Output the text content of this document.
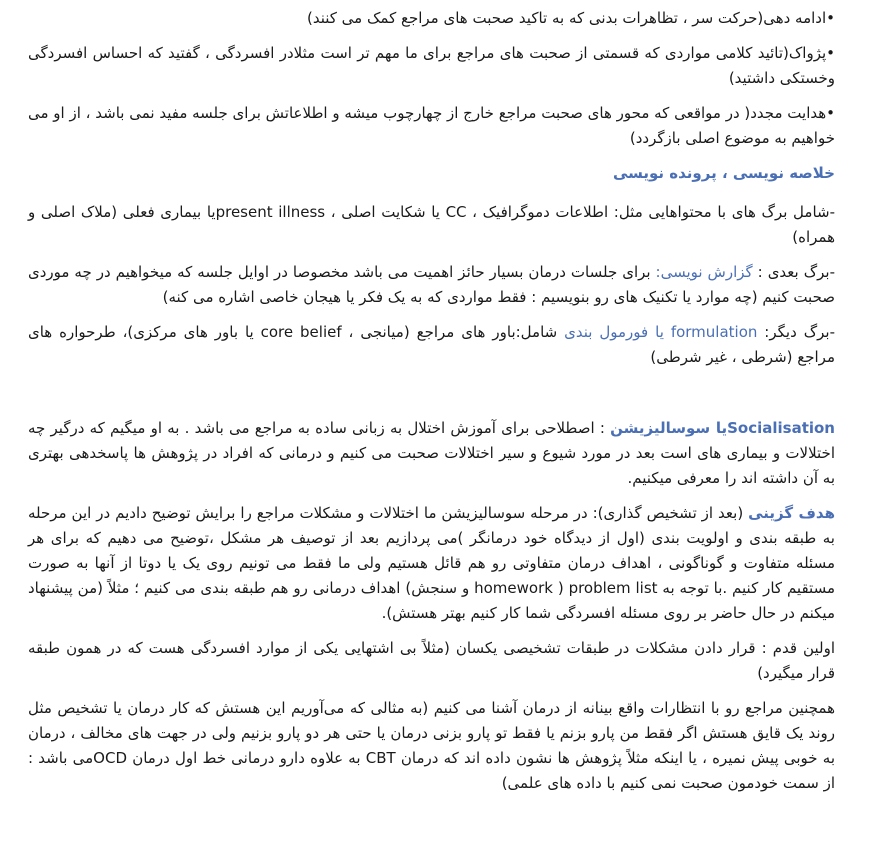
•ادامه دهی(حرکت سر ، تظاهرات بدنی که به تاکید صحبت های مراجع کمک می کنند)

•پژواک(تائید کلامی مواردی که قسمتی از صحبت های مراجع برای ما مهم تر است مثلادر افسردگی ، گفتید که احساس افسردگی وخستکی داشتید)

•هدایت مجدد( در مواقعی که محور های صحبت مراجع خارج از چهارچوب میشه و اطلاعاتش برای جلسه مفید نمی باشد ، از او می خواهیم به موضوع اصلی بازگردد)

خلاصه نویسی ، پرونده نویسی

-شامل برگ های با محتواهایی مثل: اطلاعات دموگرافیک ، CC یا شکایت اصلی ، present illnessیا بیماری فعلی (ملاک اصلی و همراه)

-برگ بعدی : گزارش نویسی: برای جلسات درمان بسیار حائز اهمیت می باشد مخصوصا در اوایل جلسه که میخواهیم در چه موردی صحبت کنیم (چه موارد یا تکنیک های رو بنویسیم : فقط مواردی که به یک فکر یا هیجان خاصی اشاره می کنه)

-برگ دیگر: formulation یا فورمول بندی شامل:باور های مراجع (میانجی ، core belief یا باور های مرکزی)، طرحواره های مراجع (شرطی ، غیر شرطی)

Socialisationیا سوسالیزیشن : اصطلاحی برای آموزش اختلال به زبانی ساده به مراجع می باشد . به او میگیم که درگیر چه اختلالات و بیماری های است بعد در مورد شیوع و سیر اختلالات صحبت می کنیم و درمانی که افراد در پژوهش ها پاسخدهی بهتری به آن داشته اند را معرفی میکنیم.

هدف گزینی (بعد از تشخیص گذاری): در مرحله سوسالیزیشن ما اختلالات و مشکلات مراجع را برایش توضیح دادیم در این مرحله به طبقه بندی و اولویت بندی (اول از دیدگاه خود درمانگر )می پردازیم بعد از توصیف هر مشکل ،توضیح می دهیم که برای هر مسئله متفاوت و گوناگونی ، اهداف درمان متفاوتی رو هم قائل هستیم ولی ما فقط می تونیم روی یک یا دوتا از آنها به صورت مستقیم کار کنیم .با توجه به problem list ( homework و سنجش) اهداف درمانی رو هم طبقه بندی می کنیم ؛ مثلاً (من پیشنهاد میکنم در حال حاضر بر روی مسئله افسردگی شما کار کنیم بهتر هستش).

اولین قدم : قرار دادن مشکلات در طبقات تشخیصی یکسان (مثلاً بی اشتهایی یکی از موارد افسردگی هست که در همون طبقه قرار میگیرد)

همچنین مراجع رو با انتظارات واقع بینانه از درمان آشنا می کنیم (به مثالی که می‌آوریم این هستش که کار درمان یا تشخیص مثل روند یک قایق هستش اگر فقط من پارو بزنم یا فقط تو پارو بزنی درمان یا حتی هر دو پارو بزنیم ولی در جهت های مخالف ، درمان به خوبی پیش نمیره ، یا اینکه مثلاً پژوهش ها نشون داده اند که درمان CBT به علاوه دارو درمانی خط اول درمان OCDمی باشد : از سمت خودمون صحبت نمی کنیم با داده های علمی)
